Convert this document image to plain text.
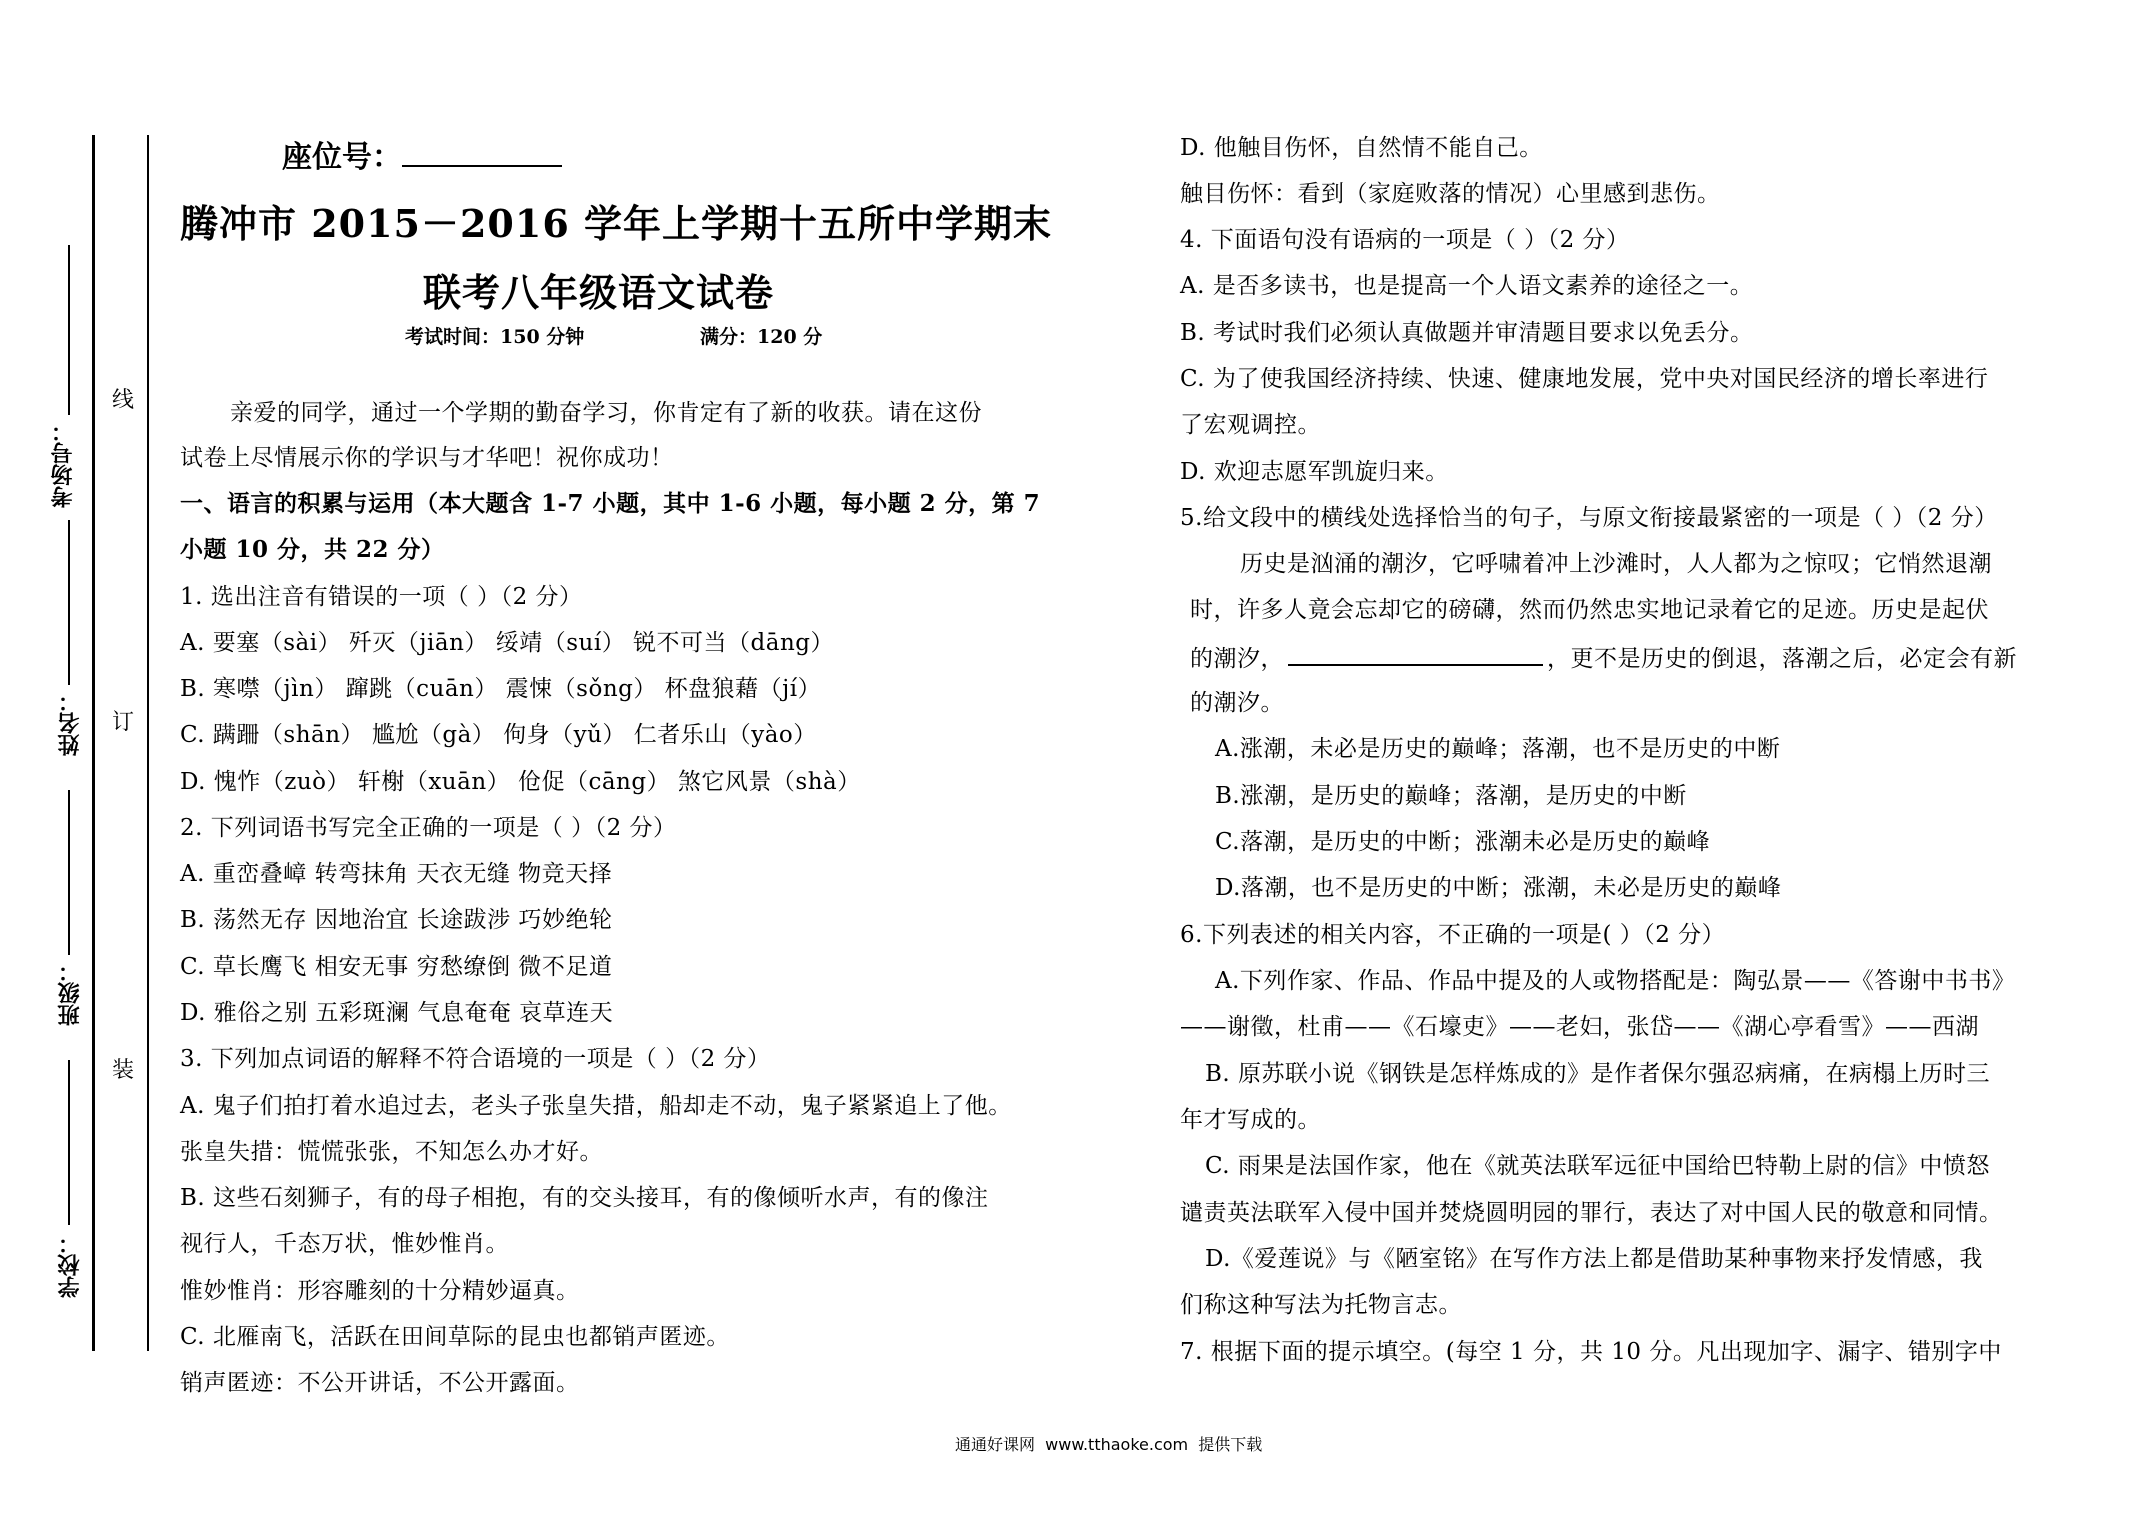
考场号：
姓名：
班级：
学校：
线
订
装
座位号：
腾冲市 2015－2016 学年上学期十五所中学期末
联考八年级语文试卷
考试时间：150 分钟	满分：120 分
亲爱的同学，通过一个学期的勤奋学习，你肯定有了新的收获。请在这份
试卷上尽情展示你的学识与才华吧！祝你成功！
一、语言的积累与运用（本大题含 1-7 小题，其中 1-6 小题，每小题 2 分，第 7
小题 10 分，共 22 分）
1. 选出注音有错误的一项（ ）（2 分）
A. 要塞（sài） 歼灭（jiān） 绥靖（suí） 锐不可当（dāng）
B. 寒噤（jìn） 蹿跳（cuān） 震悚（sǒng） 杯盘狼藉（jí）
C. 蹒跚（shān） 尴尬（gà） 佝身（yǔ） 仁者乐山（yào）
D. 愧怍（zuò） 轩榭（xuān） 伧促（cāng） 煞它风景（shà）
2. 下列词语书写完全正确的一项是（ ）（2 分）
A. 重峦叠嶂 转弯抹角 天衣无缝 物竞天择
B. 荡然无存 因地治宜 长途跋涉 巧妙绝轮
C. 草长鹰飞 相安无事 穷愁缭倒 微不足道
D. 雅俗之别 五彩斑澜 气息奄奄 哀草连天
3. 下列加点词语的解释不符合语境的一项是（ ）（2 分）
A. 鬼子们拍打着水追过去，老头子张皇失措，船却走不动，鬼子紧紧追上了他。
张皇失措：慌慌张张，不知怎么办才好。
B. 这些石刻狮子，有的母子相抱，有的交头接耳，有的像倾听水声，有的像注
视行人，千态万状，惟妙惟肖。
惟妙惟肖：形容雕刻的十分精妙逼真。
C. 北雁南飞，活跃在田间草际的昆虫也都销声匿迹。
销声匿迹：不公开讲话，不公开露面。
D. 他触目伤怀，自然情不能自己。
触目伤怀：看到（家庭败落的情况）心里感到悲伤。
4. 下面语句没有语病的一项是（ ）（2 分）
A. 是否多读书，也是提高一个人语文素养的途径之一。
B. 考试时我们必须认真做题并审清题目要求以免丢分。
C. 为了使我国经济持续、快速、健康地发展，党中央对国民经济的增长率进行
了宏观调控。
D. 欢迎志愿军凯旋归来。
5.给文段中的横线处选择恰当的句子，与原文衔接最紧密的一项是（ ）（2 分）
历史是汹涌的潮汐，它呼啸着冲上沙滩时，人人都为之惊叹；它悄然退潮
时，许多人竟会忘却它的磅礴，然而仍然忠实地记录着它的足迹。历史是起伏
的潮汐，	，更不是历史的倒退，落潮之后，必定会有新
的潮汐。
A.涨潮，未必是历史的巅峰；落潮，也不是历史的中断
B.涨潮，是历史的巅峰；落潮，是历史的中断
C.落潮，是历史的中断；涨潮未必是历史的巅峰
D.落潮，也不是历史的中断；涨潮，未必是历史的巅峰
6.下列表述的相关内容，不正确的一项是( ）（2 分）
A.下列作家、作品、作品中提及的人或物搭配是：陶弘景——《答谢中书书》
——谢徵，杜甫——《石壕吏》——老妇，张岱——《湖心亭看雪》——西湖
B. 原苏联小说《钢铁是怎样炼成的》是作者保尔强忍病痛，在病榻上历时三
年才写成的。
C. 雨果是法国作家，他在《就英法联军远征中国给巴特勒上尉的信》中愤怒
谴责英法联军入侵中国并焚烧圆明园的罪行，表达了对中国人民的敬意和同情。
D.《爱莲说》与《陋室铭》在写作方法上都是借助某种事物来抒发情感，我
们称这种写法为托物言志。
7. 根据下面的提示填空。(每空 1 分，共 10 分。凡出现加字、漏字、错别字中
通通好课网  www.tthaoke.com  提供下载
